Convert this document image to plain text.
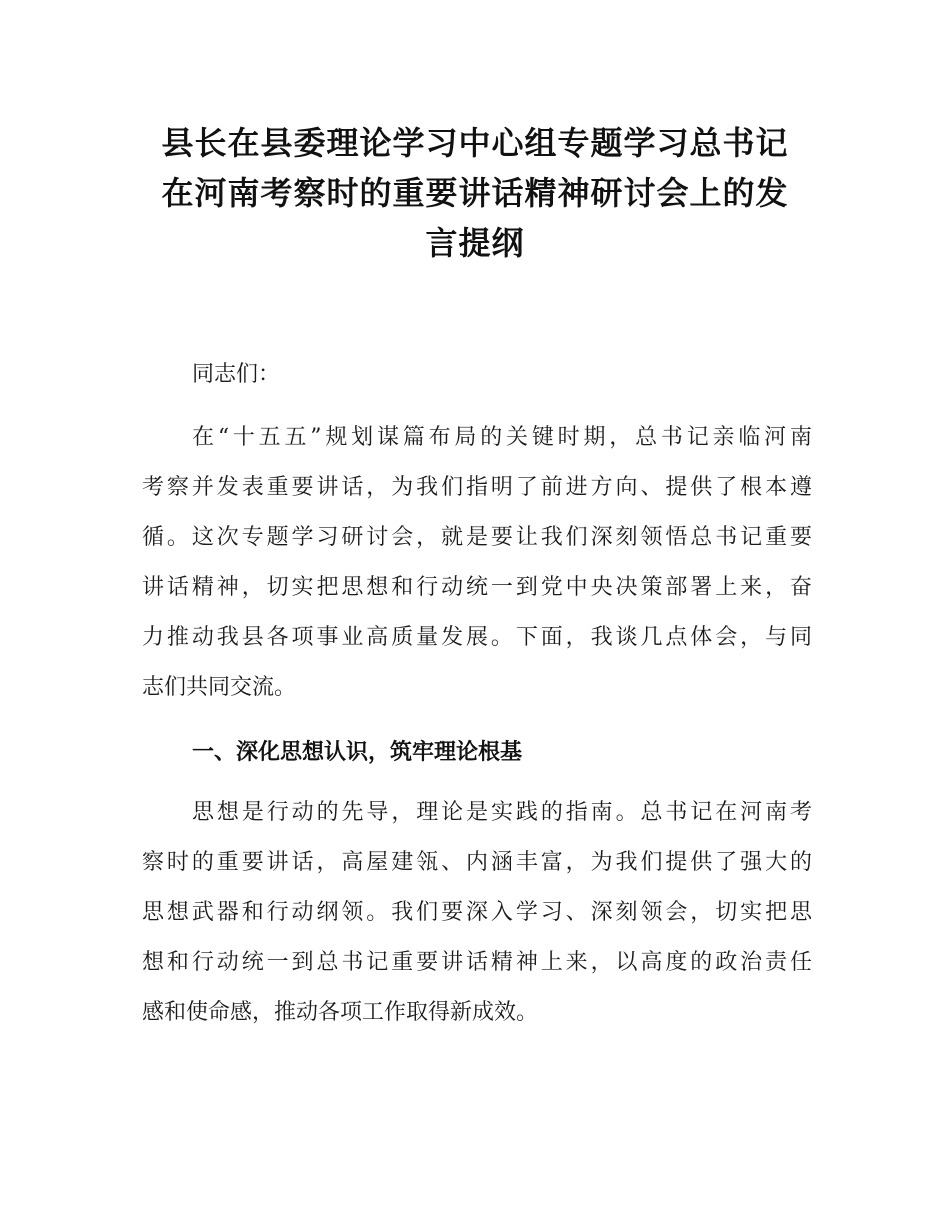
县长在县委理论学习中心组专题学习总书记
在河南考察时的重要讲话精神研讨会上的发
言提纲
同志们：
在“十五五”规划谋篇布局的关键时期，总书记亲临河南
考察并发表重要讲话，为我们指明了前进方向、提供了根本遵
循。这次专题学习研讨会，就是要让我们深刻领悟总书记重要
讲话精神，切实把思想和行动统一到党中央决策部署上来，奋
力推动我县各项事业高质量发展。下面，我谈几点体会，与同
志们共同交流。
一、深化思想认识，筑牢理论根基
思想是行动的先导，理论是实践的指南。总书记在河南考
察时的重要讲话，高屋建瓴、内涵丰富，为我们提供了强大的
思想武器和行动纲领。我们要深入学习、深刻领会，切实把思
想和行动统一到总书记重要讲话精神上来，以高度的政治责任
感和使命感，推动各项工作取得新成效。
